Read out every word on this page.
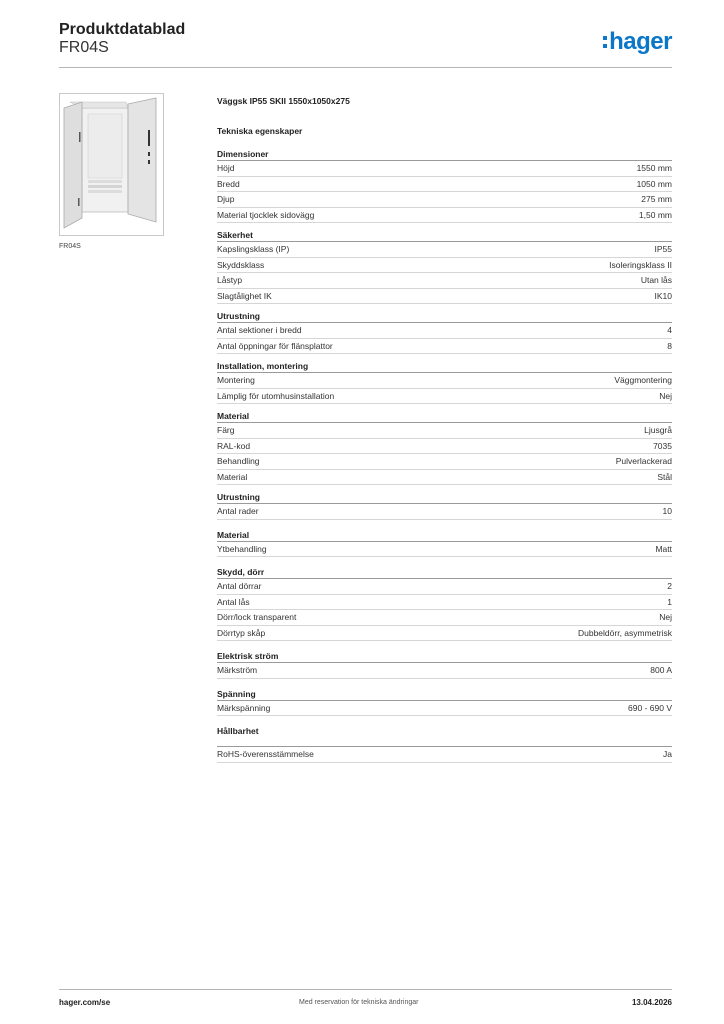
Produktdatablad
FR04S	hager
FR04S
Väggsk IP55 SKII 1550x1050x275
Tekniska egenskaper
Dimensioner
Höjd	1550 mm
Bredd	1050 mm
Djup	275 mm
Material tjocklek sidovägg	1,50 mm
Säkerhet
Kapslingsklass (IP)	IP55
Skyddsklass	Isoleringsklass II
Låstyp	Utan lås
Slagtålighet IK	IK10
Utrustning
Antal sektioner i bredd	4
Antal öppningar för flänsplattor	8
Installation, montering
Montering	Väggmontering
Lämplig för utomhusinstallation	Nej
Material
Färg	Ljusgrå
RAL-kod	7035
Behandling	Pulverlackerad
Material	Stål
Utrustning
Antal rader	10
Material
Ytbehandling	Matt
Skydd, dörr
Antal dörrar	2
Antal lås	1
Dörr/lock transparent	Nej
Dörrtyp skåp	Dubbeldörr, asymmetrisk
Elektrisk ström
Märkström	800 A
Spänning
Märkspänning	690 - 690 V
Hållbarhet
RoHS-överensstämmelse	Ja
hager.com/se	Med reservation för tekniska ändringar	13.04.2026
